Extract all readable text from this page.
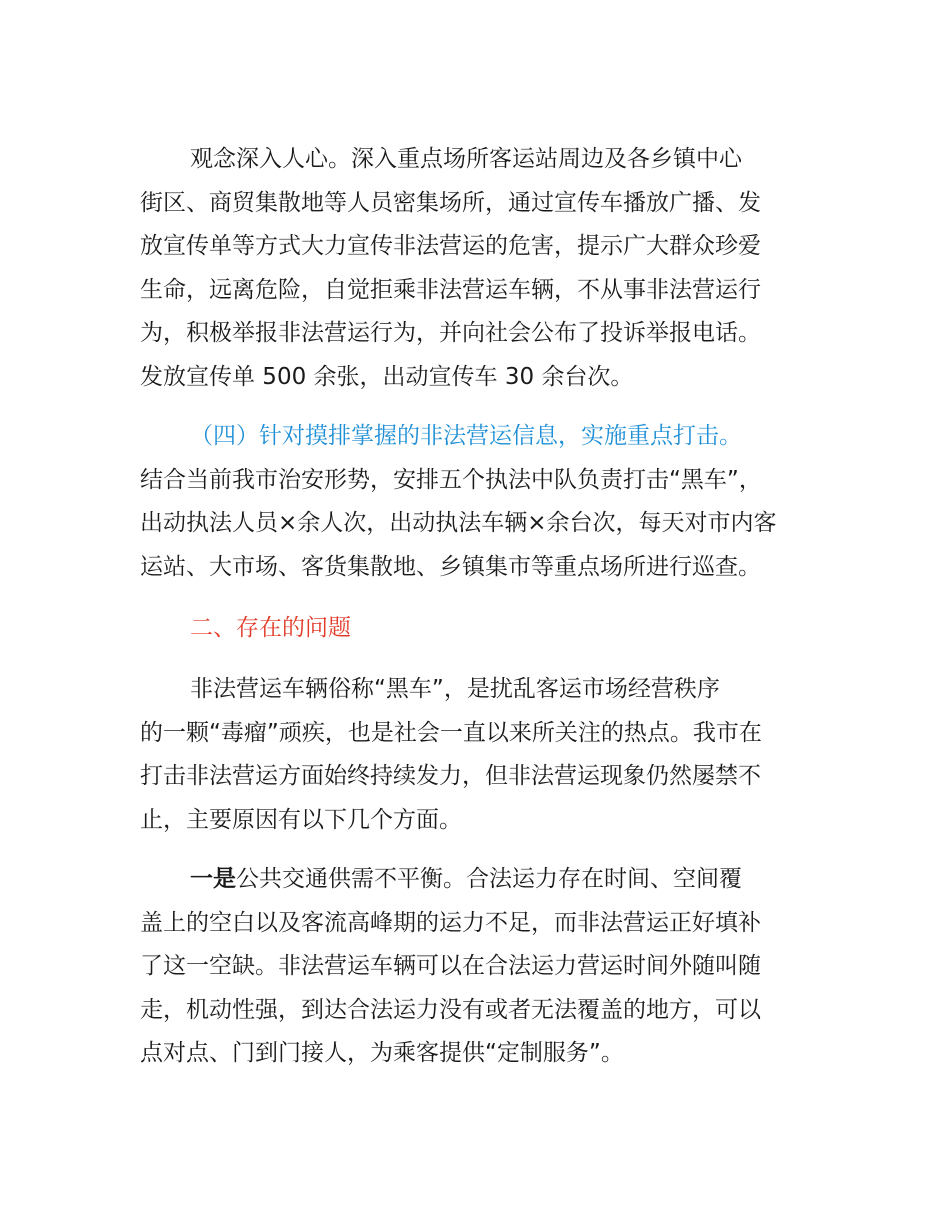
观念深入人心。深入重点场所客运站周边及各乡镇中心
街区、商贸集散地等人员密集场所，通过宣传车播放广播、发
放宣传单等方式大力宣传非法营运的危害，提示广大群众珍爱
生命，远离危险，自觉拒乘非法营运车辆，不从事非法营运行
为，积极举报非法营运行为，并向社会公布了投诉举报电话。
发放宣传单 500 余张，出动宣传车 30 余台次。
（四）针对摸排掌握的非法营运信息，实施重点打击。
结合当前我市治安形势，安排五个执法中队负责打击“黑车”，
出动执法人员×余人次，出动执法车辆×余台次，每天对市内客
运站、大市场、客货集散地、乡镇集市等重点场所进行巡查。
二、存在的问题
非法营运车辆俗称“黑车”，是扰乱客运市场经营秩序
的一颗“毒瘤”顽疾，也是社会一直以来所关注的热点。我市在
打击非法营运方面始终持续发力，但非法营运现象仍然屡禁不
止，主要原因有以下几个方面。
一是公共交通供需不平衡。合法运力存在时间、空间覆
盖上的空白以及客流高峰期的运力不足，而非法营运正好填补
了这一空缺。非法营运车辆可以在合法运力营运时间外随叫随
走，机动性强，到达合法运力没有或者无法覆盖的地方，可以
点对点、门到门接人，为乘客提供“定制服务”。
